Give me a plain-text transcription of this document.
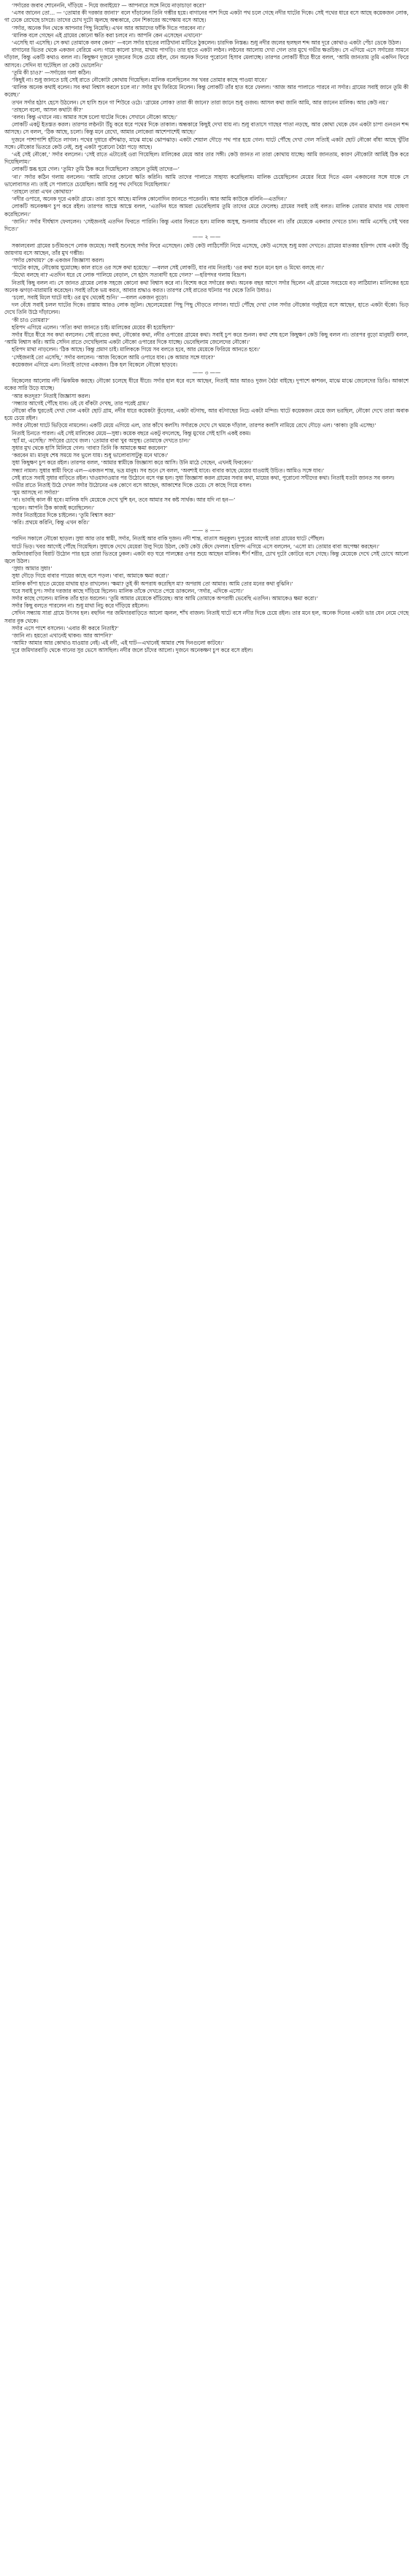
‘সর্দারের জবাব শোনেননি, দাঁড়িয়ে – দিয়ে জবাইয়ে? — আপনারে সঙ্গে নিয়ে নাড়াচাড়া করে?’

‘এসব জানেন তো… — ‘তোমার কী দরকার জানা?’ বলে দাঁড়ালেন তিনি গম্ভীর হয়ে। বাগানের পাশ দিয়ে একটা পথ চলে গেছে নদীর ঘাটের দিকে। সেই পথের ধারে বসে আছে কয়েকজন লোক, গা ঢেকে রেখেছে চাদরে। তাদের চোখ দুটো জ্বলছে অন্ধকারে, যেন শিকারের অপেক্ষায় বসে আছে।

‘সর্দার, অনেক দিন থেকে আপনার পিছু নিয়েছি। এখন আর আমাদের ফাঁকি দিতে পারবেন না।’

‘মালিক বলে গেছেন এই গ্রামের কোনো ক্ষতি করা চলবে না। আপনি কেন এসেছেন এখানে?’

‘এসেছি যা এসেছি। সে কথা তোমাকে বলব কেন?’ —বলে সর্দার হাতের লাঠিখানা মাটিতে ঠুকলেন। চারদিক নিস্তব্ধ। শুধু নদীর জলের ছলছল শব্দ আর দূরে কোথাও একটা পেঁচা ডেকে উঠল।

বাগানের ভিতর থেকে একজন বেরিয়ে এল। গায়ে কালো চাদর, মাথায় পাগড়ি। তার হাতে একটা লণ্ঠন। লণ্ঠনের আলোয় দেখা গেল তার মুখে গভীর ক্ষতচিহ্ন। সে এগিয়ে এসে সর্দারের সামনে দাঁড়াল, কিন্তু একটি কথাও বলল না। কিছুক্ষণ দুজনে দুজনের দিকে চেয়ে রইল, যেন অনেক দিনের পুরোনো হিসাব মেলাচ্ছে। তারপর লোকটি ধীরে ধীরে বলল, ‘আমি জানতাম তুমি একদিন ফিরে আসবে। সেদিন যা ঘটেছিল তা কেউ ভোলেনি।’

‘তুমি কী চাও?’ —সর্দারের গলা কঠিন।

‘কিছুই না। শুধু জানতে চাই সেই রাতে নৌকোটা কোথায় গিয়েছিল। মালিক বলেছিলেন সব খবর তোমার কাছে পাওয়া যাবে।’

‘মালিক অনেক কথাই বলেন। সব কথা বিশ্বাস করলে চলে না।’ সর্দার মুখ ফিরিয়ে নিলেন। কিন্তু লোকটি তাঁর হাত ধরে ফেলল। ‘আজ আর পালাতে পারবে না সর্দার। গ্রামের সবাই জানে তুমি কী করেছ।’

তখন সর্দার হঠাৎ হেসে উঠলেন। সে হাসি শুনে গা শিউরে ওঠে। ‘গ্রামের লোক? তারা কী জানে? তারা জানে শুধু গুজব। আসল কথা জানি আমি, আর জানেন মালিক। আর কেউ নয়।’

‘তাহলে বলো, আসল কথাটা কী?’

‘বলব। কিন্তু এখানে নয়। আমার সঙ্গে চলো ঘাটের দিকে। সেখানে নৌকো আছে।’

লোকটি একটু ইতস্তত করল। তারপর লণ্ঠনটা উঁচু করে ধরে পথের দিকে তাকাল। অন্ধকারে কিছুই দেখা যায় না। শুধু বাতাসে গাছের পাতা নড়ছে, আর কোথা থেকে যেন একটা চাপা গুনগুন শব্দ আসছে। সে বলল, ‘ঠিক আছে, চলো। কিন্তু মনে রেখো, আমার লোকেরা আশেপাশেই আছে।’

দুজনে পাশাপাশি হাঁটতে লাগল। পথের দুধারে বাঁশঝাড়, মাঝে মাঝে ঝোপঝাড়। একটা শেয়াল দৌড়ে পথ পার হয়ে গেল। ঘাটে পৌঁছে দেখা গেল সত্যিই একটা ছোট নৌকো বাঁধা আছে খুঁটির সঙ্গে। নৌকোর ভিতরে কেউ নেই, শুধু একটা পুরোনো বৈঠা পড়ে আছে।

‘এই সেই নৌকো,’ সর্দার বললেন। ‘সেই রাতে এটাতেই ওরা গিয়েছিল। মালিকের মেয়ে আর তার সঙ্গী। কেউ জানত না তারা কোথায় যাচ্ছে। আমি জানতাম, কারণ নৌকোটা আমিই ঠিক করে দিয়েছিলাম।’

লোকটি স্তব্ধ হয়ে গেল। ‘তুমি? তুমি ঠিক করে দিয়েছিলে? তাহলে তুমিই তাদের—’

‘না।’ সর্দার কঠিন গলায় বললেন। ‘আমি তাদের কোনো ক্ষতি করিনি। আমি তাদের পালাতে সাহায্য করেছিলাম। মালিক চেয়েছিলেন মেয়ের বিয়ে দিতে এমন একজনের সঙ্গে যাকে সে ভালোবাসত না। তাই সে পালাতে চেয়েছিল। আমি শুধু পথ দেখিয়ে দিয়েছিলাম।’

‘তাহলে তারা এখন কোথায়?’

‘নদীর ওপারে, অনেক দূরে একটা গ্রামে। তারা সুখে আছে। মালিক কোনোদিন জানতে পারেননি। আর আমি কাউকে বলিনি—এতদিন।’

লোকটি অনেকক্ষণ চুপ করে রইল। তারপর আস্তে আস্তে বলল, ‘এতদিন ধরে আমরা ভেবেছিলাম তুমি তাদের মেরে ফেলেছ। গ্রামের সবাই তাই বলত। মালিক তোমার মাথার দাম ঘোষণা করেছিলেন।’

‘জানি।’ সর্দার দীর্ঘশ্বাস ফেললেন। ‘সেইজন্যই এতদিন ফিরতে পারিনি। কিন্তু এবার ফিরতে হল। মালিক অসুস্থ, শুনলাম বাঁচবেন না। তাঁর মেয়েকে একবার দেখতে চান। আমি এসেছি সেই খবর দিতে।’

—— ২ ——

সকালবেলা গ্রামের চণ্ডীমণ্ডপে লোক জমেছে। সবাই শুনেছে সর্দার ফিরে এসেছেন। কেউ কেউ লাঠিসোঁটা নিয়ে এসেছে, কেউ এসেছে শুধু মজা দেখতে। গ্রামের মাতব্বর হরিপদ ঘোষ একটা উঁচু জায়গায় বসে আছেন, তাঁর মুখ গম্ভীর।

‘সর্দার কোথায়?’ কে একজন জিজ্ঞাসা করল।

‘ঘাটের কাছে, নৌকোয় ঘুমোচ্ছে। কাল রাতে ওর সঙ্গে কথা হয়েছে।’ —বলল সেই লোকটি, যার নাম নিতাই। ‘ওর কথা শুনে মনে হল ও মিথ্যে বলছে না।’

‘মিথ্যে বলছে না? এতদিন ধরে যে লোক পালিয়ে বেড়াল, সে হঠাৎ সত্যবাদী হয়ে গেল?’ —হরিপদর গলায় বিদ্রূপ।

নিতাই কিছু বলল না। সে জানত গ্রামের লোক সহজে কোনো কথা বিশ্বাস করে না। বিশেষ করে সর্দারের কথা। অনেক বছর আগে সর্দার ছিলেন এই গ্রামের সবচেয়ে বড় লাঠিয়াল। মালিকের হয়ে অনেক ঝগড়া-মারামারি করেছেন। সবাই তাঁকে ভয় করত, আবার শ্রদ্ধাও করত। তারপর সেই রাতের ঘটনার পর থেকে তিনি উধাও।

‘চলো, সবাই মিলে ঘাটে যাই। ওর মুখ থেকেই শুনি।’ —বলল একজন বুড়ো।

দল বেঁধে সবাই চলল ঘাটের দিকে। রাস্তায় আরও লোক জুটল। ছেলেমেয়েরা পিছু পিছু দৌড়তে লাগল। ঘাটে পৌঁছে দেখা গেল সর্দার নৌকোর গলুইয়ে বসে আছেন, হাতে একটা হুঁকো। ভিড় দেখে তিনি উঠে দাঁড়ালেন।

‘কী চাও তোমরা?’

হরিপদ এগিয়ে এলেন। ‘সত্যি কথা জানতে চাই। মালিকের মেয়ের কী হয়েছিল?’

সর্দার ধীরে ধীরে সব কথা বললেন। সেই রাতের কথা, নৌকোর কথা, নদীর ওপারের গ্রামের কথা। সবাই চুপ করে শুনল। কথা শেষ হলে কিছুক্ষণ কেউ কিছু বলল না। তারপর বুড়ো মানুষটি বলল, ‘আমি বিশ্বাস করি। আমি সেদিন রাতে দেখেছিলাম একটা নৌকো ওপারের দিকে যাচ্ছে। ভেবেছিলাম জেলেদের নৌকো।’

হরিপদ মাথা নাড়লেন। ‘ঠিক আছে। কিন্তু প্রমাণ চাই। মালিককে গিয়ে সব বলতে হবে, আর মেয়েকে ফিরিয়ে আনতে হবে।’

‘সেইজন্যই তো এসেছি,’ সর্দার বললেন। ‘আজ বিকেলে আমি ওপারে যাব। কে আমার সঙ্গে যাবে?’

কয়েকজন এগিয়ে এল। নিতাই তাদের একজন। ঠিক হল বিকেলে নৌকো ছাড়বে।

—— ৩ ——

বিকেলের আলোয় নদী ঝিকমিক করছে। নৌকো চলেছে ধীরে ধীরে। সর্দার হাল ধরে বসে আছেন, নিতাই আর আরও দুজন বৈঠা বাইছে। দুপাশে কাশবন, মাঝে মাঝে জেলেদের ডিঙি। আকাশে বকের সারি উড়ে যাচ্ছে।

‘আর কতদূর?’ নিতাই জিজ্ঞাসা করল।

‘সন্ধ্যার আগেই পৌঁছে যাব। ওই যে বাঁকটা দেখছ, তার পরেই গ্রাম।’

নৌকো বাঁক ঘুরতেই দেখা গেল একটা ছোট গ্রাম, নদীর ধারে কয়েকটা কুঁড়েঘর, একটা বটগাছ, আর বটগাছের নিচে একটা মন্দির। ঘাটে কয়েকজন মেয়ে জল ভরছিল, নৌকো দেখে তারা অবাক হয়ে চেয়ে রইল।

সর্দার নৌকো ঘাটে ভিড়িয়ে নামলেন। একটি মেয়ে এগিয়ে এল, তার কাঁখে কলসি। সর্দারকে দেখে সে থমকে দাঁড়াল, তারপর কলসি নামিয়ে রেখে দৌড়ে এল। ‘কাকা! তুমি এসেছ!’

নিতাই চিনতে পারল। এই সেই মালিকের মেয়ে—সুধা। কয়েক বছরে একটু বদলেছে, কিন্তু মুখের সেই হাসি একই রকম।

‘হ্যাঁ মা, এসেছি।’ সর্দারের চোখে জল। ‘তোমার বাবা খুব অসুস্থ। তোমাকে দেখতে চান।’

সুধার মুখ থেকে হাসি মিলিয়ে গেল। ‘বাবা? তিনি কি আমাকে ক্ষমা করবেন?’

‘করবেন মা। মানুষ শেষ সময়ে সব ভুলে যায়। শুধু ভালোবাসাটুকু মনে থাকে।’

সুধা কিছুক্ষণ চুপ করে রইল। তারপর বলল, ‘আমার স্বামীকে জিজ্ঞাসা করে আসি। উনি মাঠে গেছেন, এখনই ফিরবেন।’

সন্ধ্যা নামল। সুধার স্বামী ফিরে এল—একজন শান্ত, ভদ্র মানুষ। সব শুনে সে বলল, ‘অবশ্যই যাবে। বাবার কাছে মেয়ের যাওয়াই উচিত। আমিও সঙ্গে যাব।’

সেই রাতে সবাই সুধার বাড়িতে রইল। খাওয়াদাওয়ার পর উঠোনে বসে গল্প হল। সুধা জিজ্ঞাসা করল গ্রামের সবার কথা, মায়ের কথা, পুরোনো সখীদের কথা। নিতাই যতটা জানত সব বলল।

গভীর রাতে নিতাই উঠে দেখল সর্দার উঠোনের এক কোণে বসে আছেন, আকাশের দিকে চেয়ে। সে কাছে গিয়ে বসল।

‘ঘুম আসছে না সর্দার?’

‘না। ভাবছি কাল কী হবে। মালিক যদি মেয়েকে দেখে খুশি হন, তবে আমার সব কষ্ট সার্থক। আর যদি না হন—’

‘হবেন। আপনি ঠিক কাজই করেছিলেন।’

সর্দার নিতাইয়ের দিকে চাইলেন। ‘তুমি বিশ্বাস কর?’

‘করি। প্রথমে করিনি, কিন্তু এখন করি।’

—— ৪ ——

পরদিন সকালে নৌকো ছাড়ল। সুধা আর তার স্বামী, সর্দার, নিতাই আর বাকি দুজন। নদী শান্ত, বাতাস অনুকূল। দুপুরের আগেই তারা গ্রামের ঘাটে পৌঁছল।

ঘাটে ভিড়। খবর আগেই পৌঁছে গিয়েছিল। সুধাকে দেখে মেয়েরা উলু দিয়ে উঠল, কেউ কেউ কেঁদে ফেলল। হরিপদ এগিয়ে এসে বললেন, ‘এসো মা। তোমার বাবা অপেক্ষা করছেন।’

জমিদারবাড়ির বিরাট উঠোন পার হয়ে তারা ভিতরে ঢুকল। একটা বড় ঘরে পালঙ্কের ওপর শুয়ে আছেন মালিক। শীর্ণ শরীর, চোখ দুটো কোটরে বসে গেছে। কিন্তু মেয়েকে দেখে সেই চোখে আলো জ্বলে উঠল।

‘সুধা! আমার সুধা!’

সুধা দৌড়ে গিয়ে বাবার পায়ের কাছে বসে পড়ল। ‘বাবা, আমাকে ক্ষমা করো।’

মালিক কাঁপা হাতে মেয়ের মাথায় হাত রাখলেন। ‘ক্ষমা? তুই কী অপরাধ করেছিস মা? অপরাধ তো আমার। আমি তোর মনের কথা বুঝিনি।’

ঘরে সবাই চুপ। সর্দার দরজার কাছে দাঁড়িয়ে ছিলেন। মালিক তাঁকে দেখতে পেয়ে ডাকলেন, ‘সর্দার, এদিকে এসো।’

সর্দার কাছে গেলেন। মালিক তাঁর হাত ধরলেন। ‘তুমি আমার মেয়েকে বাঁচিয়েছ। আর আমি তোমাকে অপরাধী ভেবেছি এতদিন। আমাকেও ক্ষমা করো।’

সর্দার কিছু বলতে পারলেন না। শুধু মাথা নিচু করে দাঁড়িয়ে রইলেন।

সেদিন সন্ধ্যায় সারা গ্রামে উৎসব হল। বহুদিন পর জমিদারবাড়িতে আলো জ্বলল, শাঁখ বাজল। নিতাই ঘাটে বসে নদীর দিকে চেয়ে রইল। তার মনে হল, অনেক দিনের একটা ভার যেন নেমে গেছে সবার বুক থেকে।

সর্দার এসে পাশে বসলেন। ‘এবার কী করবে নিতাই?’

‘জানি না। হয়তো এখানেই থাকব। আর আপনি?’

‘আমি? আমার আর কোথাও যাওয়ার নেই। এই নদী, এই ঘাট—এখানেই আমার শেষ দিনগুলো কাটবে।’

দূরে জমিদারবাড়ি থেকে গানের সুর ভেসে আসছিল। নদীর জলে চাঁদের আলো। দুজনে অনেকক্ষণ চুপ করে বসে রইল।
